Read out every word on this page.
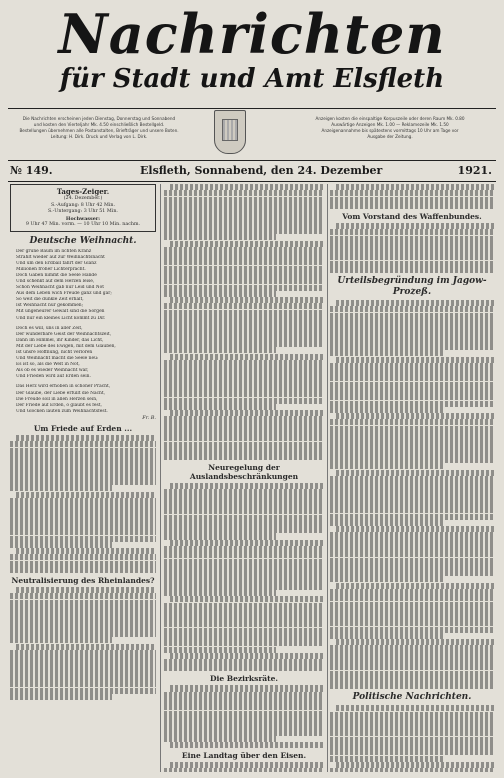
Nachrichten
für Stadt und Amt Elsfleth
Die Nachrichten erscheinen jeden Dienstag, Donnerstag und Sonnabend
und kosten den Vierteljahr Mk. 4.50 einschließlich Bestellgeld.
Bestellungen übernehmen alle Postanstalten, Briefträger und unsere Boten.
Leitung: H. Dirk. Druck und Verlag von L. Dirk.
Anzeigen kosten die einspaltige Korpuszeile oder deren Raum Mk. 0.80
Auswärtige Anzeigen Mk. 1.00 — Reklamezeile Mk. 1.50
Anzeigenannahme bis spätestens vormittags 10 Uhr am Tage vor
Ausgabe der Zeitung.
№ 149.	Elsfleth, Sonnabend, den 24. Dezember	1921.
Tages-Zeiger.
(24. Dezember.)
S.-Aufgang: 8 Uhr 42 Min.
S.-Untergang: 3 Uhr 51 Min.
Hochwasser:
9 Uhr 47 Min. vorm. — 10 Uhr 10 Min. nachm.
Deutsche Weihnacht.
Der grüne Baum im lichten Kranz
Strahlt wieder auf zur Weihnachtsnacht
Und um den Erdball fährt der Glanz
Millionen froher Lichterpracht.
Doch Gaben nimmt die Seele Hände
Und schenkt auf dem Herzen leise,
Schon Weihnacht gab nur Leid und Not
Aus dem Leben wich Freude ganz und gar;
So weit die dunkle Zeit erhält,
Ist Weihnacht nur gekommen;
Mit ungeheurer Gewalt sind die Sorgen
Und nur ein kleines Licht kommt zu Dir.
Doch es will, uns in aller Zeit,
Der wunderbare Geist der Weihnachtszeit,
Dann im Himmel, ihr Kinder, das Licht,
Mit der Liebe des Ewigen, mit dem Glauben,
Ist unsre Hoffnung, nicht verloren
Und Weihnacht macht die Seele neu:
Es ist so, als die Welt in Not,
Als ob es wieder Weihnacht wär,
Und Frieden wird auf Erden sein.
Das Herz wird erhoben in schöner Pracht,
Der Glaube, der Liebe erfüllt die Nacht,
Die Freude soll in allen Herzen sein,
Der Friede auf Erden, o glaubt es fest,
Und Glocken läuten zum Weihnachtsfest.
Fr. B.
Um Friede auf Erden ...
Neutralisierung des Rheinlandes?
Neuregelung der Auslandsbeschränkungen
Die Bezirksräte.
Eine Landtag über den Eisen.
Vom Vorstand des Waffenbundes.
Urteilsbegründung im Jagow-Prozeß.
Politische Nachrichten.
